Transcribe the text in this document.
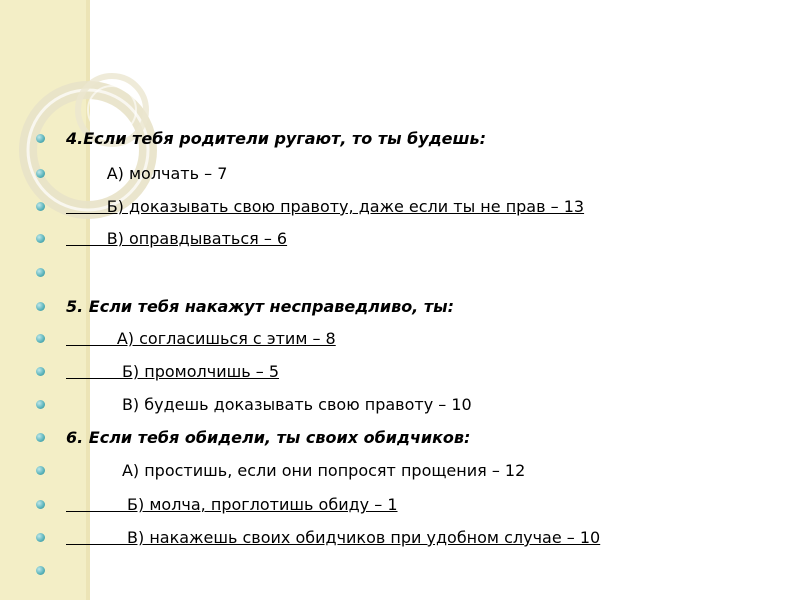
4.Если тебя родители ругают, то ты будешь:
А) молчать – 7
Б) доказывать свою правоту, даже если ты не прав – 13
В) оправдываться – 6
5. Если тебя накажут несправедливо, ты:
А) согласишься с этим – 8
Б) промолчишь – 5
В) будешь доказывать свою правоту – 10
6. Если тебя обидели, ты своих обидчиков:
А) простишь, если они попросят прощения – 12
Б) молча, проглотишь обиду – 1
В) накажешь своих обидчиков при удобном случае – 10
